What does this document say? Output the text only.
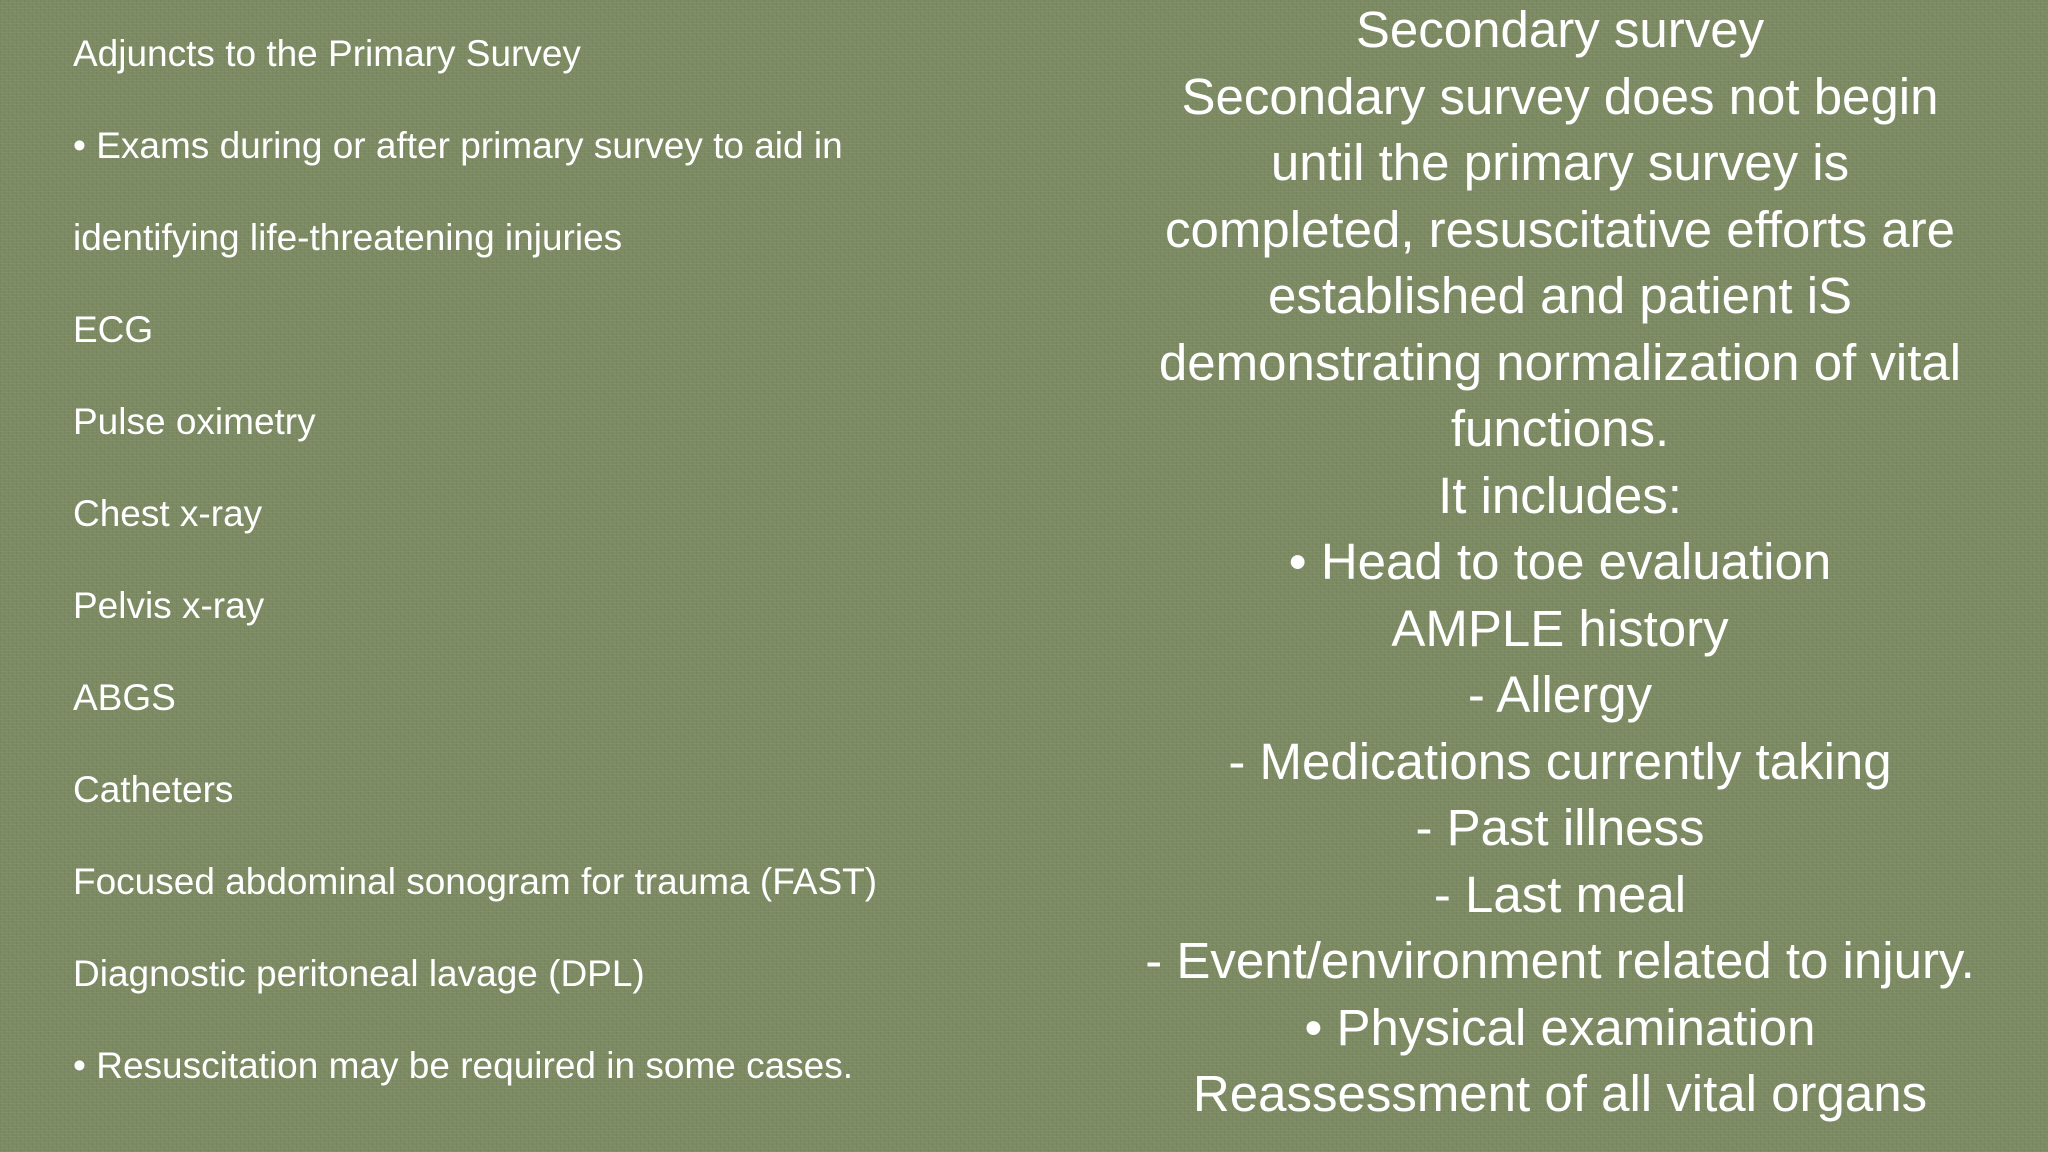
Adjuncts to the Primary Survey
• Exams during or after primary survey to aid in
identifying life-threatening injuries
ECG
Pulse oximetry
Chest x-ray
Pelvis x-ray
ABGS
Catheters
Focused abdominal sonogram for trauma (FAST)
Diagnostic peritoneal lavage (DPL)
• Resuscitation may be required in some cases.
Secondary survey
Secondary survey does not begin
until the primary survey is
completed, resuscitative efforts are
established and patient iS
demonstrating normalization of vital
functions.
It includes:
• Head to toe evaluation
AMPLE history
- Allergy
- Medications currently taking
- Past illness
- Last meal
- Event/environment related to injury.
• Physical examination
Reassessment of all vital organs
